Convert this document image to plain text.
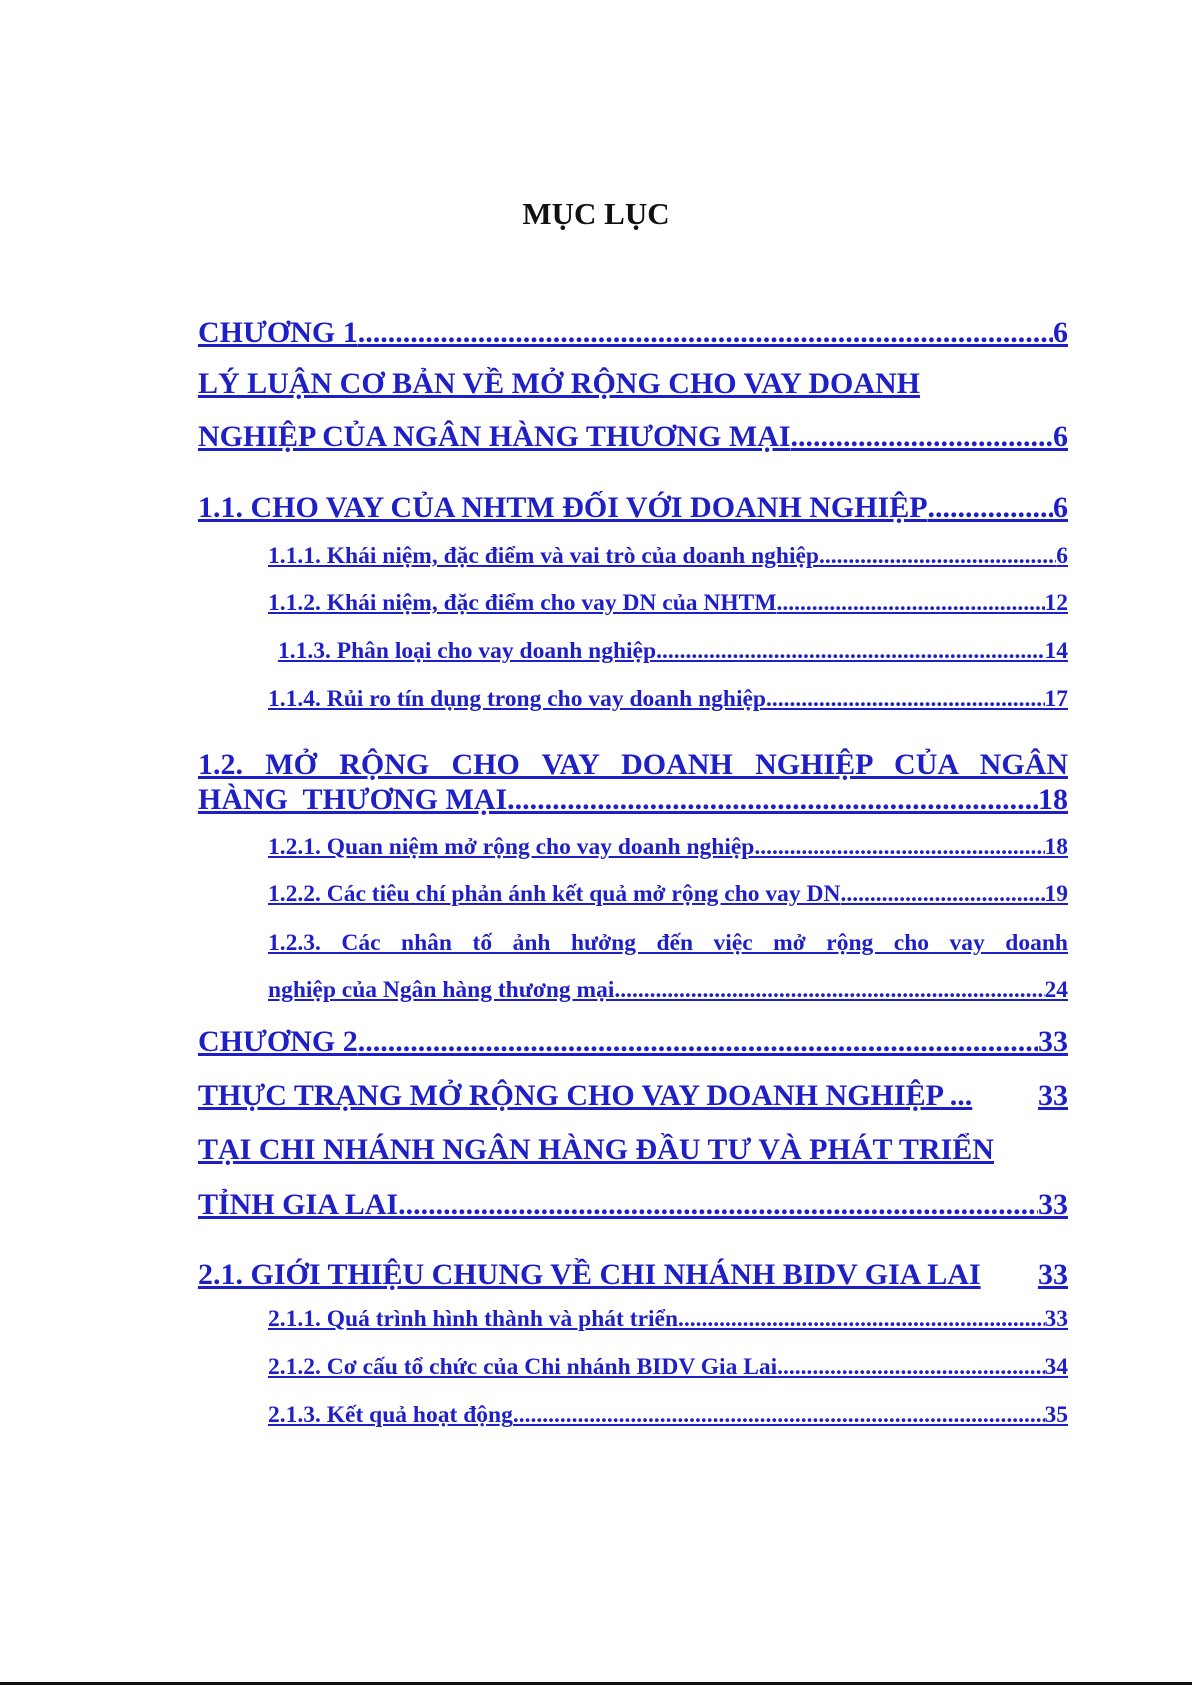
MỤC LỤC
CHƯƠNG 1 .....	6
LÝ LUẬN CƠ BẢN VỀ MỞ RỘNG CHO VAY DOANH
NGHIỆP CỦA NGÂN HÀNG THƯƠNG MẠI .....	6
1.1. CHO VAY CỦA NHTM ĐỐI VỚI DOANH NGHIỆP .....	6
1.1.1. Khái niệm, đặc điểm và vai trò của doanh nghiệp .....	6
1.1.2. Khái niệm, đặc điểm cho vay DN của NHTM .....	12
1.1.3. Phân loại cho vay doanh nghiệp .....	14
1.1.4. Rủi ro tín dụng trong cho vay doanh nghiệp .....	17
1.2. MỞ RỘNG CHO VAY DOANH NGHIỆP CỦA NGÂN
HÀNG  THƯƠNG MẠI .....	18
1.2.1. Quan niệm mở rộng cho vay doanh nghiệp .....	18
1.2.2. Các tiêu chí phản ánh kết quả mở rộng cho vay DN .....	19
1.2.3. Các nhân tố ảnh hưởng đến việc mở rộng cho vay doanh
nghiệp của Ngân hàng thương mại .....	24
CHƯƠNG 2 .....	33
THỰC TRẠNG MỞ RỘNG CHO VAY DOANH NGHIỆP ... 33
TẠI CHI NHÁNH NGÂN HÀNG ĐẦU TƯ VÀ PHÁT TRIỂN
TỈNH GIA LAI .....	33
2.1. GIỚI THIỆU CHUNG VỀ CHI NHÁNH BIDV GIA LAI 33
2.1.1. Quá trình hình thành và phát triển .....	33
2.1.2. Cơ cấu tổ chức của Chi nhánh BIDV Gia Lai .....	34
2.1.3. Kết quả hoạt động .....	35
